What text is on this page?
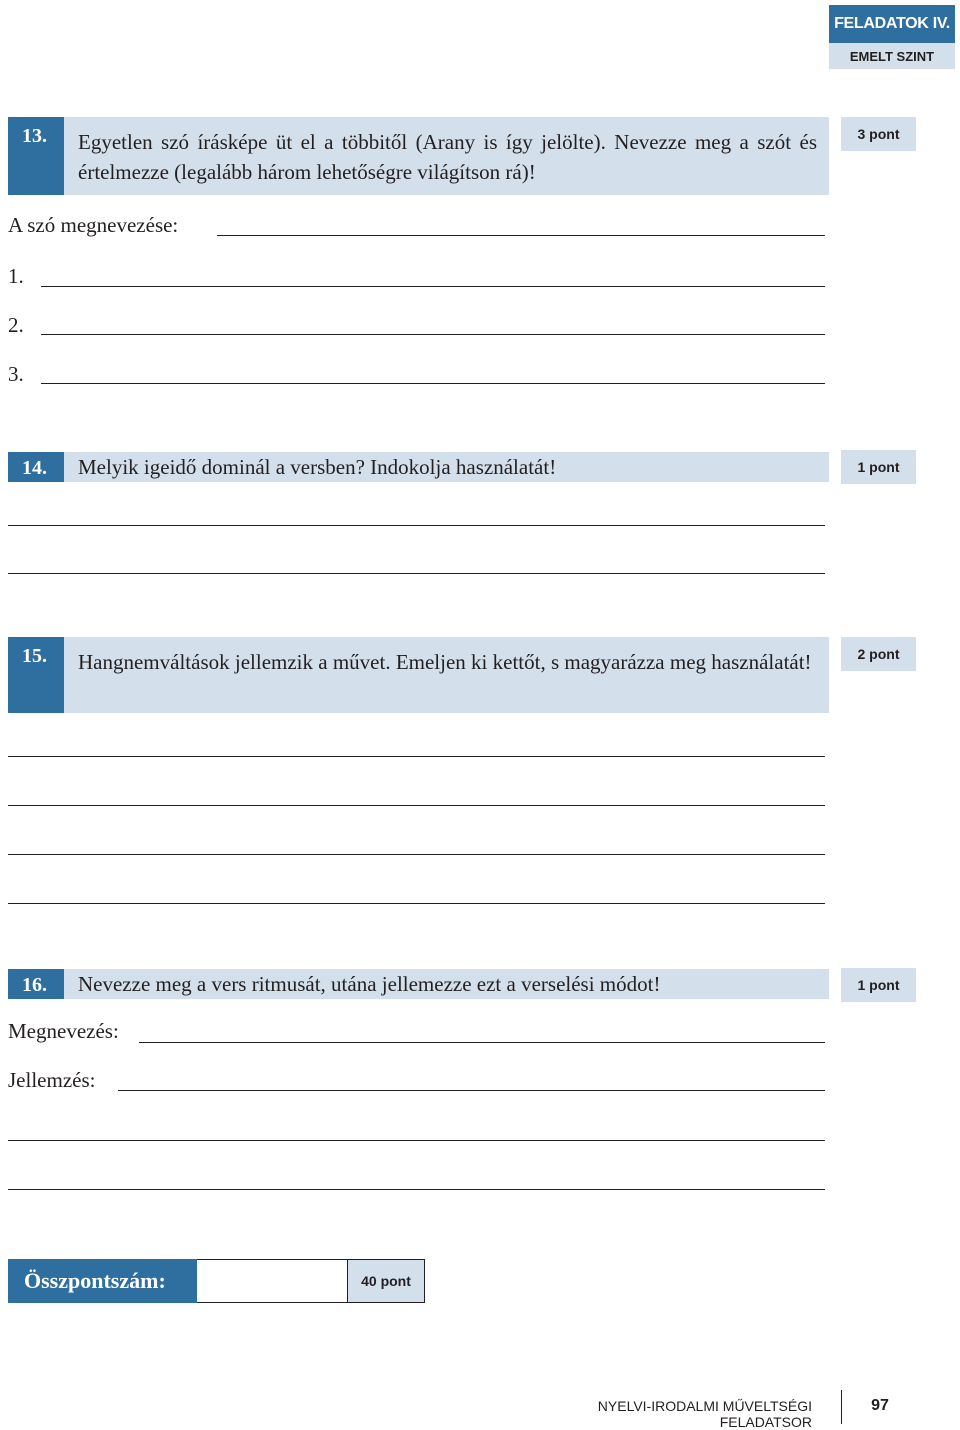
FELADATOK IV.
EMELT SZINT
13.	Egyetlen szó írásképe üt el a többitől (Arany is így jelölte). Nevezze meg a szót és értelmezze (legalább három lehetőségre világítson rá)!
3 pont
A szó megnevezése:
1.
2.
3.
14.	Melyik igeidő dominál a versben? Indokolja használatát!	1 pont
15.	Hangnemváltások jellemzik a művet. Emeljen ki kettőt, s magyarázza meg használatát!	2 pont
16.	Nevezze meg a vers ritmusát, utána jellemezze ezt a verselési módot!	1 pont
Megnevezés:
Jellemzés:
Összpontszám:	40 pont
NYELVI-IRODALMI MŰVELTSÉGI FELADATSOR
97
